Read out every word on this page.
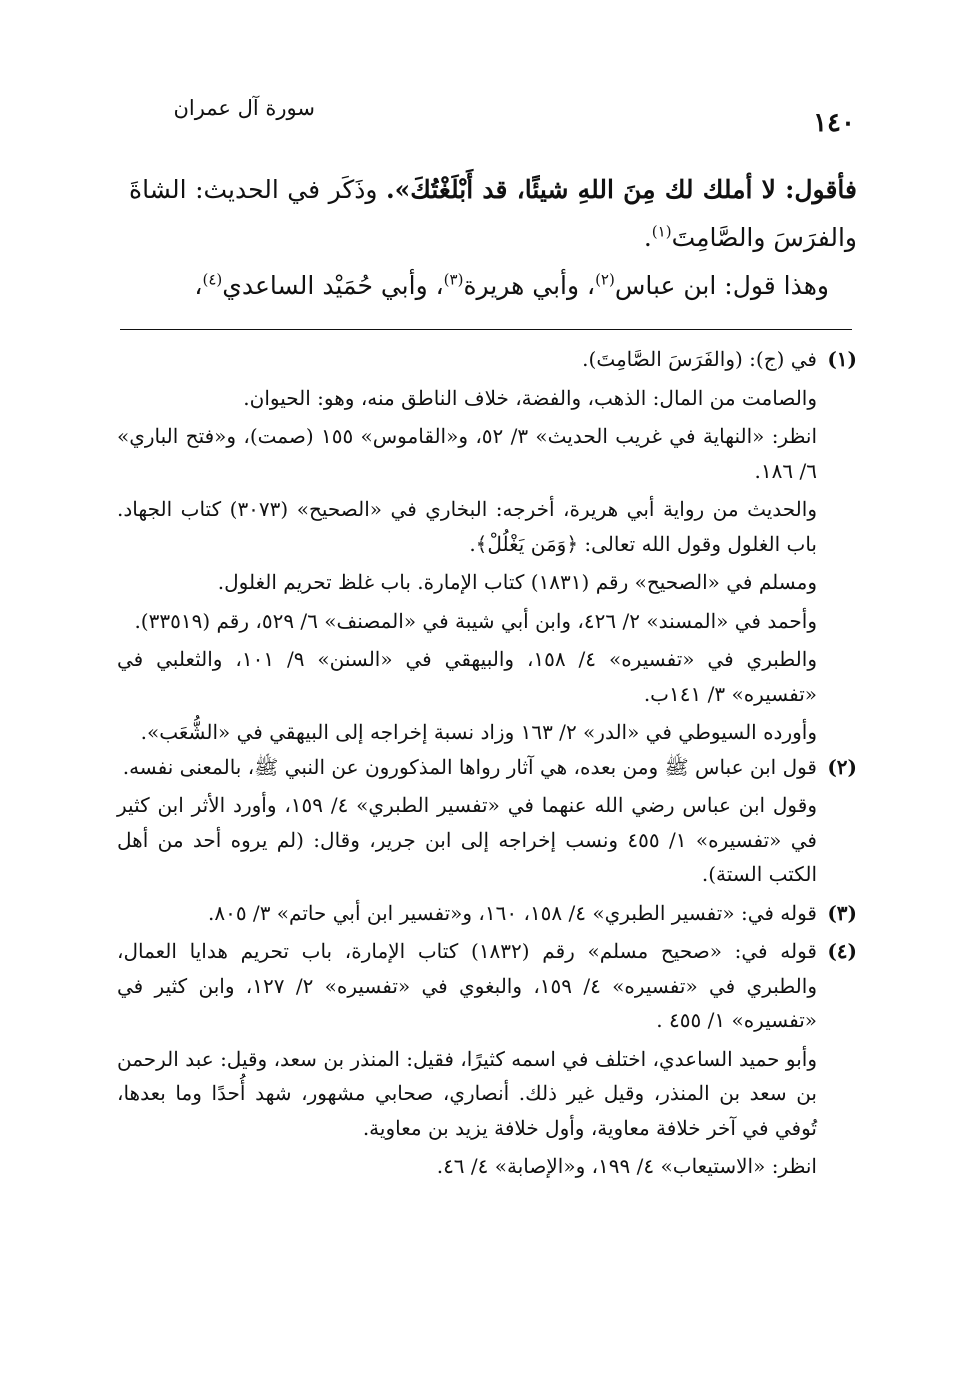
سورة آل عمران	١٤٠

فأقول: لا أملك لك مِنَ اللهِ شيئًا، قد أَبْلَغْتُكَ». وذَكَر في الحديث: الشاةَ والفرَسَ والصَّامِتَ$^{(١)}$.

وهذا قول: ابن عباس$^{(٢)}$، وأبي هريرة$^{(٣)}$، وأبي حُمَيْد الساعدي$^{(٤)}$،

(١)

في (ج): (والفَرَسَ الصَّامِتَ).

والصامت من المال: الذهب، والفضة، خلاف الناطق منه، وهو: الحيوان.

انظر: «النهاية في غريب الحديث» ٣/ ٥٢، و«القاموس» ١٥٥ (صمت)، و«فتح الباري» ٦/ ١٨٦.

والحديث من رواية أبي هريرة، أخرجه: البخاري في «الصحيح» (٣٠٧٣) كتاب الجهاد. باب الغلول وقول الله تعالى: ﴿وَمَن يَغْلُلْ﴾.

ومسلم في «الصحيح» رقم (١٨٣١) كتاب الإمارة. باب غلظ تحريم الغلول.

وأحمد في «المسند» ٢/ ٤٢٦، وابن أبي شيبة في «المصنف» ٦/ ٥٢٩، رقم (٣٣٥١٩).

والطبري في «تفسيره» ٤/ ١٥٨، والبيهقي في «السنن» ٩/ ١٠١، والثعلبي في «تفسيره» ٣/ ١٤١ب.

وأورده السيوطي في «الدر» ٢/ ١٦٣ وزاد نسبة إخراجه إلى البيهقي في «الشُّعَب».

(٢)

قول ابن عباس ﷺ ومن بعده، هي آثار رواها المذكورون عن النبي ﷺ، بالمعنى نفسه.

وقول ابن عباس رضي الله عنهما في «تفسير الطبري» ٤/ ١٥٩، وأورد الأثر ابن كثير في «تفسيره» ١/ ٤٥٥ ونسب إخراجه إلى ابن جرير، وقال: (لم يروه أحد من أهل الكتب الستة).

(٣)

قوله في: «تفسير الطبري» ٤/ ١٥٨، ١٦٠، و«تفسير ابن أبي حاتم» ٣/ ٨٠٥.

(٤)

قوله في: «صحيح مسلم» رقم (١٨٣٢) كتاب الإمارة، باب تحريم هدايا العمال، والطبري في «تفسيره» ٤/ ١٥٩، والبغوي في «تفسيره» ٢/ ١٢٧، وابن كثير في «تفسيره» ١/ ٤٥٥ .

وأبو حميد الساعدي، اختلف في اسمه كثيرًا، فقيل: المنذر بن سعد، وقيل: عبد الرحمن بن سعد بن المنذر، وقيل غير ذلك. أنصاري، صحابي مشهور، شهد أُحدًا وما بعدها، تُوفي في آخر خلافة معاوية، وأول خلافة يزيد بن معاوية.

انظر: «الاستيعاب» ٤/ ١٩٩، و«الإصابة» ٤/ ٤٦.
